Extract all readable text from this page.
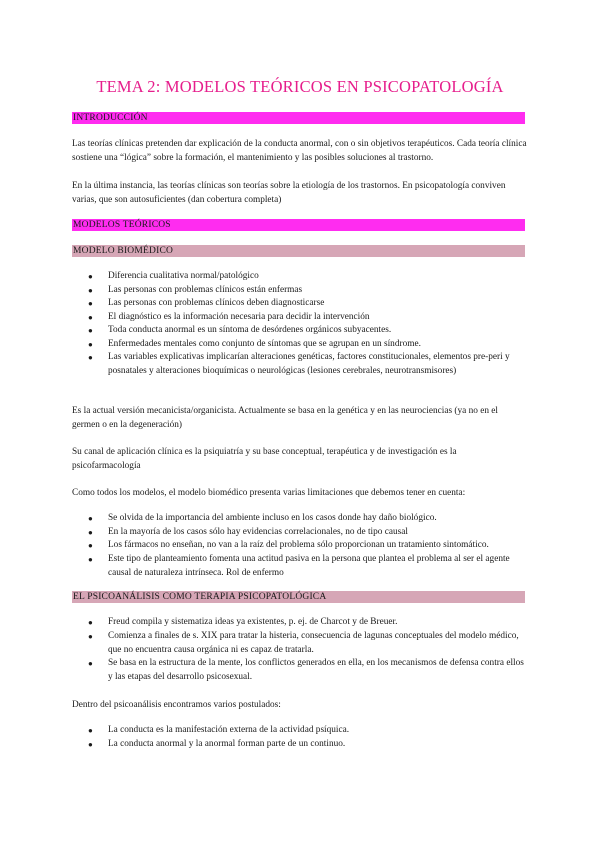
TEMA 2: MODELOS TEÓRICOS EN PSICOPATOLOGÍA
INTRODUCCIÓN
Las teorías clínicas pretenden dar explicación de la conducta anormal, con o sin objetivos terapéuticos. Cada teoría clínica sostiene una “lógica” sobre la formación, el mantenimiento y las posibles soluciones al trastorno.
En la última instancia, las teorías clínicas son teorías sobre la etiología de los trastornos. En psicopatología conviven varias, que son autosuficientes (dan cobertura completa)
MODELOS TEÓRICOS
MODELO BIOMÉDICO
● Diferencia cualitativa normal/patológico
● Las personas con problemas clínicos están enfermas
● Las personas con problemas clínicos deben diagnosticarse
● El diagnóstico es la información necesaria para decidir la intervención
● Toda conducta anormal es un síntoma de desórdenes orgánicos subyacentes.
● Enfermedades mentales como conjunto de síntomas que se agrupan en un síndrome.
● Las variables explicativas implicarían alteraciones genéticas, factores constitucionales, elementos pre-peri y posnatales y alteraciones bioquímicas o neurológicas (lesiones cerebrales, neurotransmisores)
Es la actual versión mecanicista/organicista. Actualmente se basa en la genética y en las neurociencias (ya no en el germen o en la degeneración)
Su canal de aplicación clínica es la psiquiatría y su base conceptual, terapéutica y de investigación es la psicofarmacología
Como todos los modelos, el modelo biomédico presenta varias limitaciones que debemos tener en cuenta:
● Se olvida de la importancia del ambiente incluso en los casos donde hay daño biológico.
● En la mayoría de los casos sólo hay evidencias correlacionales, no de tipo causal
● Los fármacos no enseñan, no van a la raíz del problema sólo proporcionan un tratamiento sintomático.
● Este tipo de planteamiento fomenta una actitud pasiva en la persona que plantea el problema al ser el agente causal de naturaleza intrínseca. Rol de enfermo
EL PSICOANÁLISIS COMO TERAPIA PSICOPATOLÓGICA
● Freud compila y sistematiza ideas ya existentes, p. ej. de Charcot y de Breuer.
● Comienza a finales de s. XIX para tratar la histeria, consecuencia de lagunas conceptuales del modelo médico, que no encuentra causa orgánica ni es capaz de tratarla.
● Se basa en la estructura de la mente, los conflictos generados en ella, en los mecanismos de defensa contra ellos y las etapas del desarrollo psicosexual.
Dentro del psicoanálisis encontramos varios postulados:
● La conducta es la manifestación externa de la actividad psíquica.
● La conducta anormal y la anormal forman parte de un continuo.
